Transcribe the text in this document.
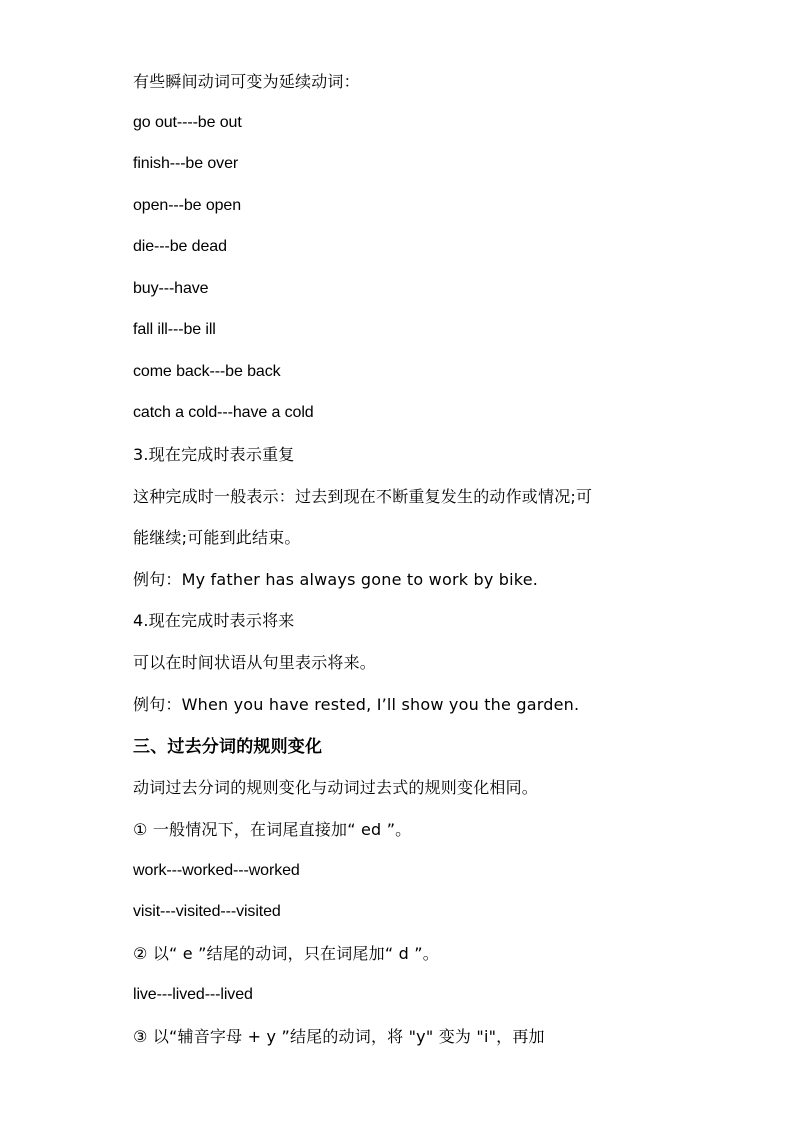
有些瞬间动词可变为延续动词：
go out----be out
finish---be over
open---be open
die---be dead
buy---have
fall ill---be ill
come back---be back
catch a cold---have a cold
3.现在完成时表示重复
这种完成时一般表示：过去到现在不断重复发生的动作或情况;可
能继续;可能到此结束。
例句：My father has always gone to work by bike.
4.现在完成时表示将来
可以在时间状语从句里表示将来。
例句：When you have rested, I’ll show you the garden.
三、过去分词的规则变化
动词过去分词的规则变化与动词过去式的规则变化相同。
① 一般情况下，在词尾直接加“ ed ”。
work---worked---worked
visit---visited---visited
② 以“ e ”结尾的动词，只在词尾加“ d ”。
live---lived---lived
③ 以“辅音字母 + y ”结尾的动词，将 "y" 变为 "i"，再加
